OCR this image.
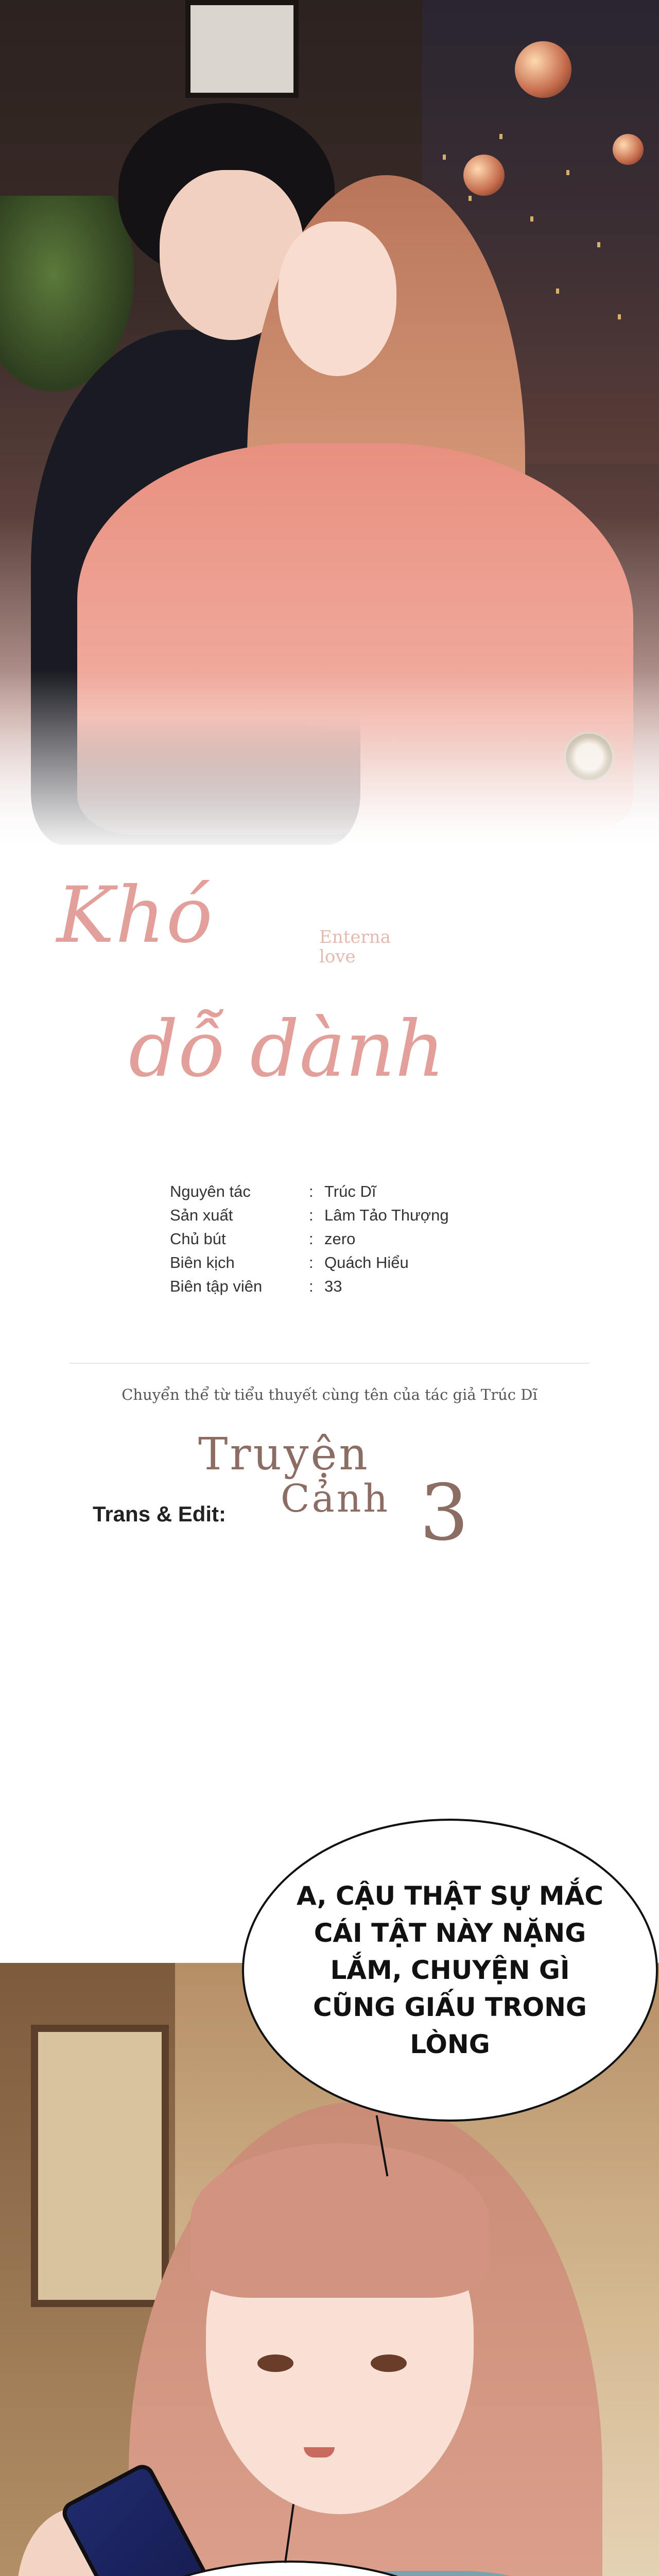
Khó	Enterna
love
dỗ dành
Nguyên tác	: Trúc Dĩ
Sản xuất	: Lâm Tảo Thượng
Chủ bút	: zero
Biên kịch	: Quách Hiểu
Biên tập viên	: 33
Chuyển thể từ tiểu thuyết cùng tên của tác giả Trúc Dĩ
Trans & Edit:
Truyện
Cảnh 3
A, CẬU THẬT SỰ MẮC CÁI TẬT NÀY NẶNG LẮM, CHUYỆN GÌ CŨNG GIẤU TRONG LÒNG
